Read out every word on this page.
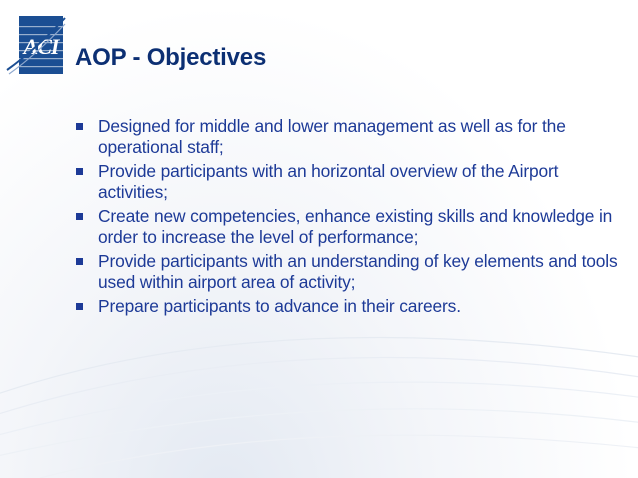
ACI AOP - Objectives
Designed for middle and lower management as well as for the operational staff;
Provide participants with an horizontal overview of the Airport activities;
Create new competencies, enhance existing skills and knowledge in order to increase the level of performance;
Provide participants with an understanding of key elements and tools used within airport area of activity;
Prepare participants to advance in their careers.
